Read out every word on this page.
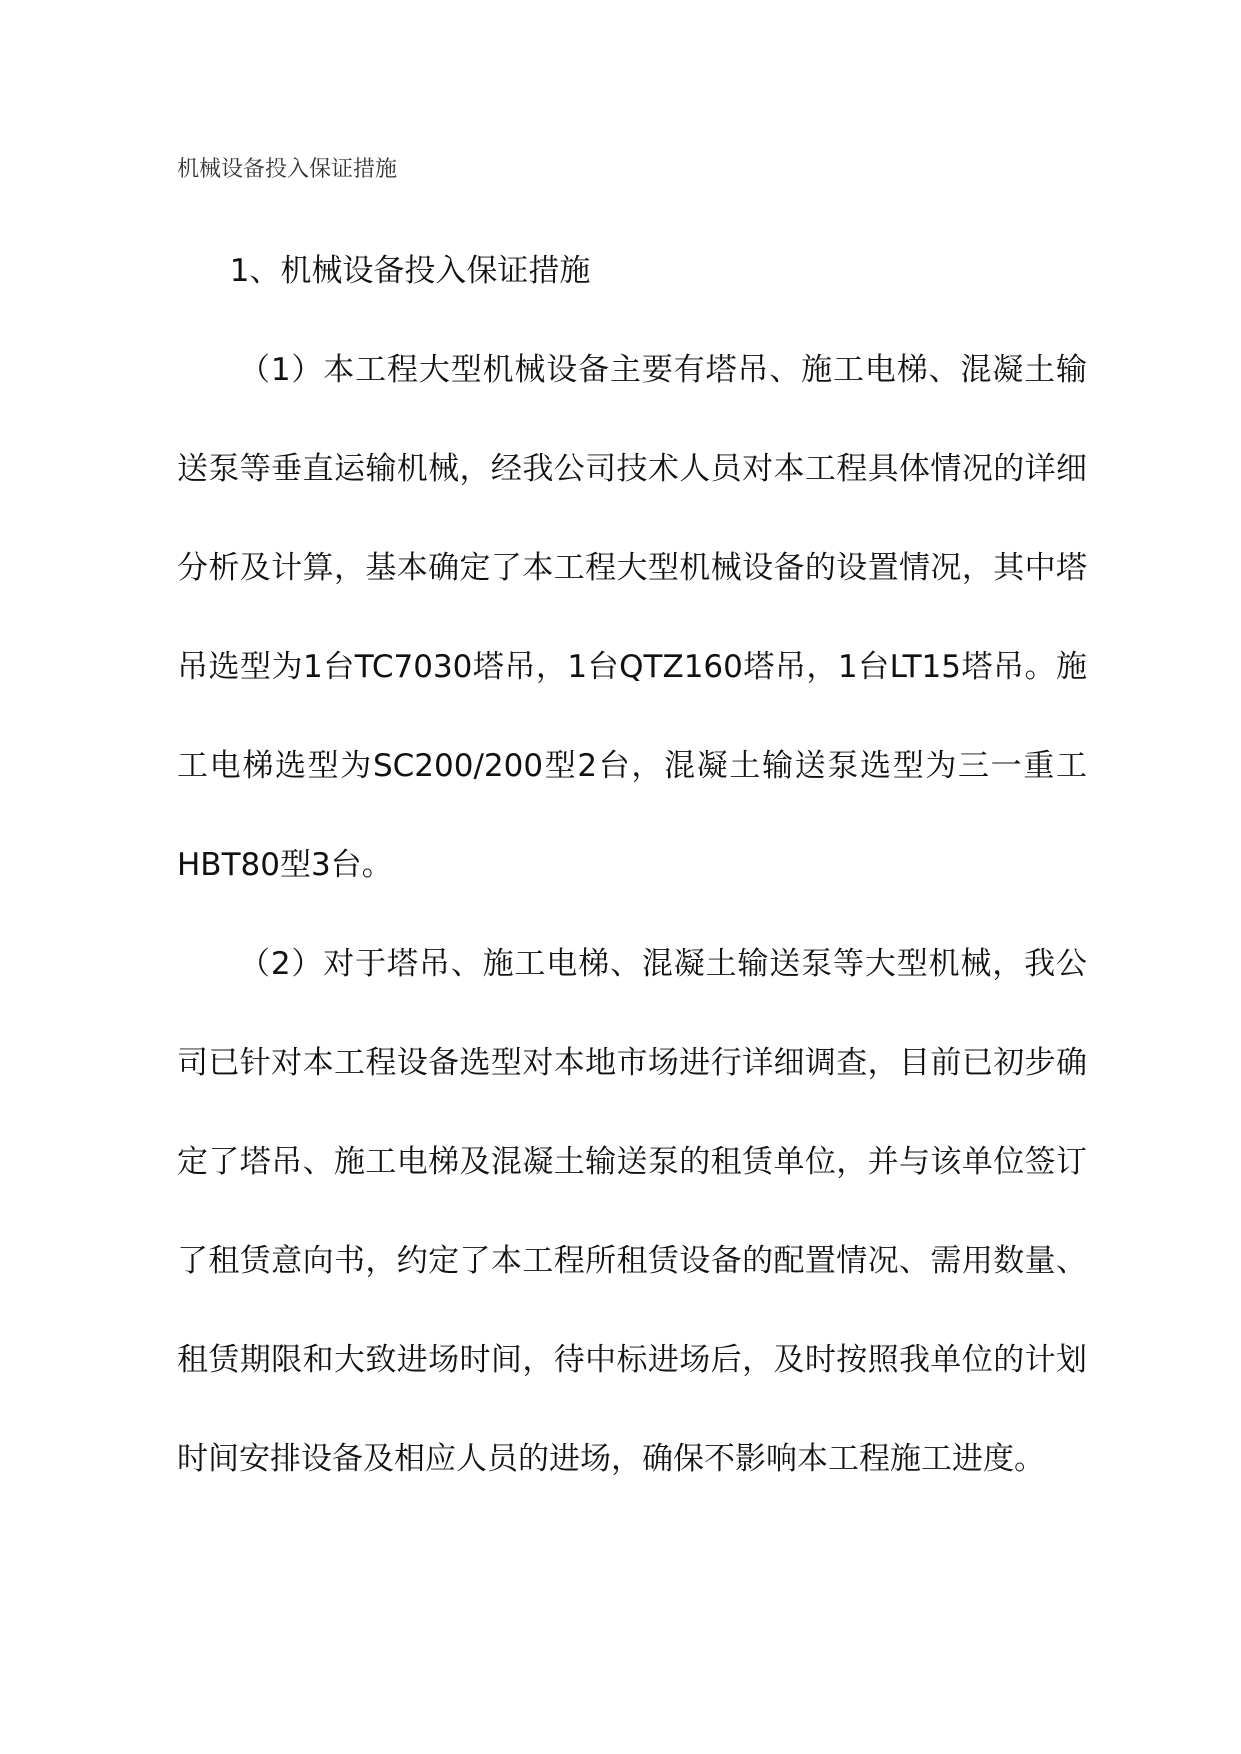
机械设备投入保证措施

1、机械设备投入保证措施

（1）本工程大型机械设备主要有塔吊、施工电梯、混凝土输送泵等垂直运输机械，经我公司技术人员对本工程具体情况的详细分析及计算，基本确定了本工程大型机械设备的设置情况，其中塔吊选型为1台TC7030塔吊，1台QTZ160塔吊，1台LT15塔吊。施工电梯选型为SC200/200型2台，混凝土输送泵选型为三一重工HBT80型3台。

（2）对于塔吊、施工电梯、混凝土输送泵等大型机械，我公司已针对本工程设备选型对本地市场进行详细调查，目前已初步确定了塔吊、施工电梯及混凝土输送泵的租赁单位，并与该单位签订了租赁意向书，约定了本工程所租赁设备的配置情况、需用数量、租赁期限和大致进场时间，待中标进场后，及时按照我单位的计划时间安排设备及相应人员的进场，确保不影响本工程施工进度。
